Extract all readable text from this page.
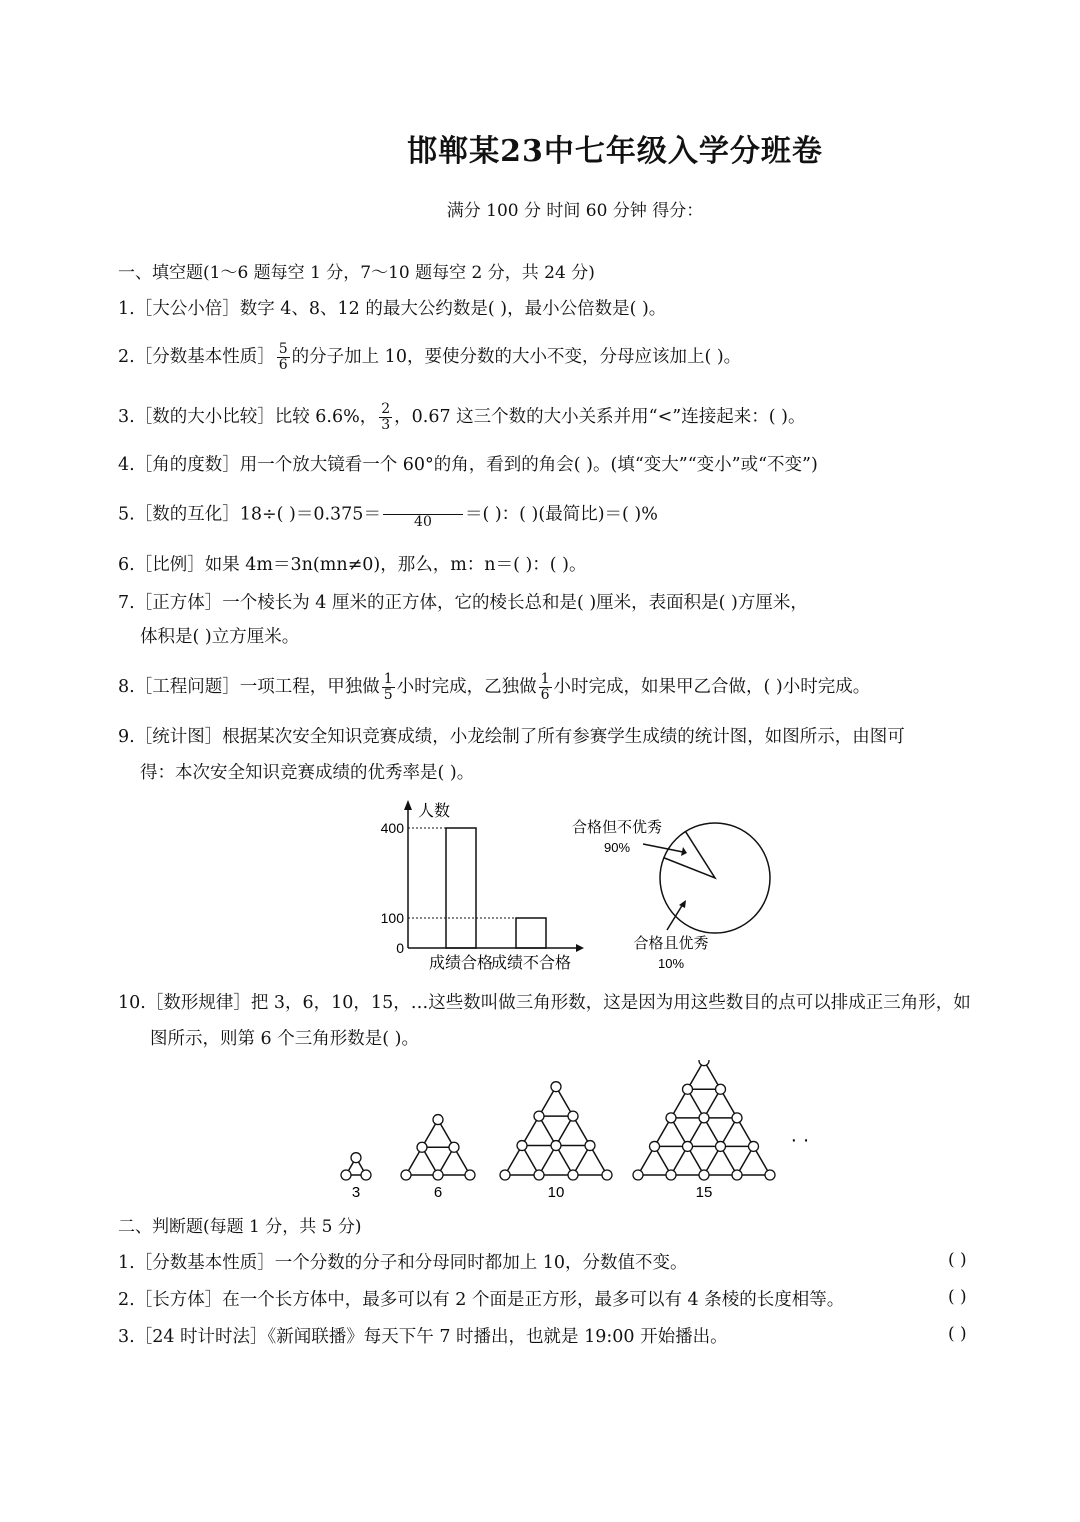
邯郸某23中七年级入学分班卷
满分 100 分 时间 60 分钟 得分：
一、填空题(1～6 题每空 1 分，7～10 题每空 2 分，共 24 分)
1.［大公小倍］数字 4、8、12 的最大公约数是( )，最小公倍数是( )。
2.［分数基本性质］ $\frac{5}{6}$ 的分子加上 10，要使分数的大小不变，分母应该加上( )。
3.［数的大小比较］比较 6.6%， $\frac{2}{3}$ ，0.67 这三个数的大小关系并用“<”连接起来：( )。
4.［角的度数］用一个放大镜看一个 60°的角，看到的角会( )。(填“变大”“变小”或“不变”)
5.［数的互化］18÷( )＝0.375＝	40	＝( )：( )(最简比)＝( )%
6.［比例］如果 4m＝3n(mn≠0)，那么，m：n＝( )：( )。
7.［正方体］一个棱长为 4 厘米的正方体，它的棱长总和是( )厘米，表面积是( )方厘米，
体积是( )立方厘米。
8.［工程问题］一项工程，甲独做 $\frac{1}{5}$ 小时完成，乙独做 $\frac{1}{6}$ 小时完成，如果甲乙合做，( )小时完成。
9.［统计图］根据某次安全知识竞赛成绩，小龙绘制了所有参赛学生成绩的统计图，如图所示，由图可
得：本次安全知识竞赛成绩的优秀率是( )。
人数
0
100
400
成绩合格
成绩不合格
合格但不优秀
90%
合格且优秀
10%
10.［数形规律］把 3，6，10，15，…这些数叫做三角形数，这是因为用这些数目的点可以排成正三角形，如
图所示，则第 6 个三角形数是( )。
3	6	10	15
· ·
二、判断题(每题 1 分，共 5 分)
1.［分数基本性质］一个分数的分子和分母同时都加上 10，分数值不变。	( )
2.［长方体］在一个长方体中，最多可以有 2 个面是正方形，最多可以有 4 条棱的长度相等。	( )
3.［24 时计时法］《新闻联播》每天下午 7 时播出，也就是 19:00 开始播出。	( )
